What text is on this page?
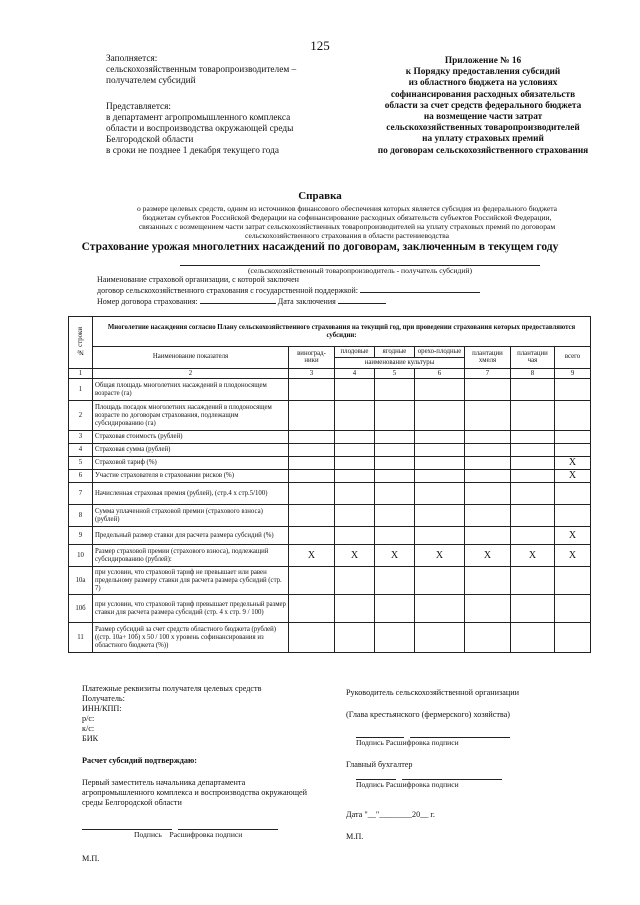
125
Заполняется:
сельскохозяйственным товаропроизводителем –
получателем субсидий
Представляется:
в департамент агропромышленного комплекса
области и воспроизводства окружающей среды
Белгородской области
в сроки не позднее 1 декабря текущего года
Приложение № 16
к Порядку предоставления субсидий
из областного бюджета на условиях
софинансирования расходных обязательств
области за счет средств федерального бюджета
на возмещение части затрат
сельскохозяйственных товаропроизводителей
на уплату страховых премий
по договорам сельскохозяйственного страхования
Справка
о размере целевых средств, одним из источников финансового обеспечения которых является субсидия из федерального бюджета
бюджетам субъектов Российской Федерации на софинансирование расходных обязательств субъектов Российской Федерации,
связанных с возмещением части затрат сельскохозяйственных товаропроизводителей на уплату страховых премий по договорам
сельскохозяйственного страхования в области растениеводства
Страхование урожая многолетних насаждений по договорам, заключенным в текущем году
(сельскохозяйственный товаропроизводитель - получатель субсидий)
Наименование страховой организации, с которой заключен
договор сельскохозяйственного страхования с государственной поддержкой:
Номер договора страхования:	Дата заключения
№ строки	Многолетние насаждения согласно Плану сельскохозяйственного страхования на текущий год, при проведении страхования которых предоставляются субсидии:							
	Наименование показателя	виноград-ники	плодовые	ягодные	орехо-плодные	плантации хмеля	плантации чая	всего
			наименование культуры					
1	2	3	4	5	6	7	8	9
1	Общая площадь многолетних насаждений в плодоносящем возрасте (га)							
2	Площадь посадок многолетних насаждений в плодоносящем возрасте по договорам страхования, подлежащим субсидированию (га)							
3	Страховая стоимость (рублей)							
4	Страховая сумма (рублей)							
5	Страховой тариф (%)							X
6	Участие страхователя в страховании рисков (%)							X
7	Начисленная страховая премия (рублей), (стр.4 х стр.5/100)							
8	Сумма уплаченной страховой премии (страхового взноса) (рублей)							
9	Предельный размер ставки для расчета размера субсидий (%)							X
10	Размер страховой премии (страхового взноса), подлежащий субсидированию (рублей):	X	X	X	X	X	X	X
10а	при условии, что страховой тариф не превышает или равен предельному размеру ставки для расчета размера субсидий (стр. 7)							
10б	при условии, что страховой тариф превышает предельный размер ставки для расчета размера субсидий (стр. 4 х стр. 9 / 100)							
11	Размер субсидий за счет средств областного бюджета (рублей) ((стр. 10а+ 10б) х 50 / 100 х уровень софинансирования из областного бюджета (%))							
Платежные реквизиты получателя целевых средств
Получатель:
ИНН/КПП:
р/с:
к/с:
БИК
Расчет субсидий подтверждаю:
Первый заместитель начальника департамента
агропромышленного комплекса и воспроизводства окружающей
среды Белгородской области
Подпись Расшифровка подписи
М.П.
Руководитель сельскохозяйственной организации
(Глава крестьянского (фермерского) хозяйства)
Подпись Расшифровка подписи
Главный бухгалтер
Подпись Расшифровка подписи
Дата "__"________20__ г.
М.П.
